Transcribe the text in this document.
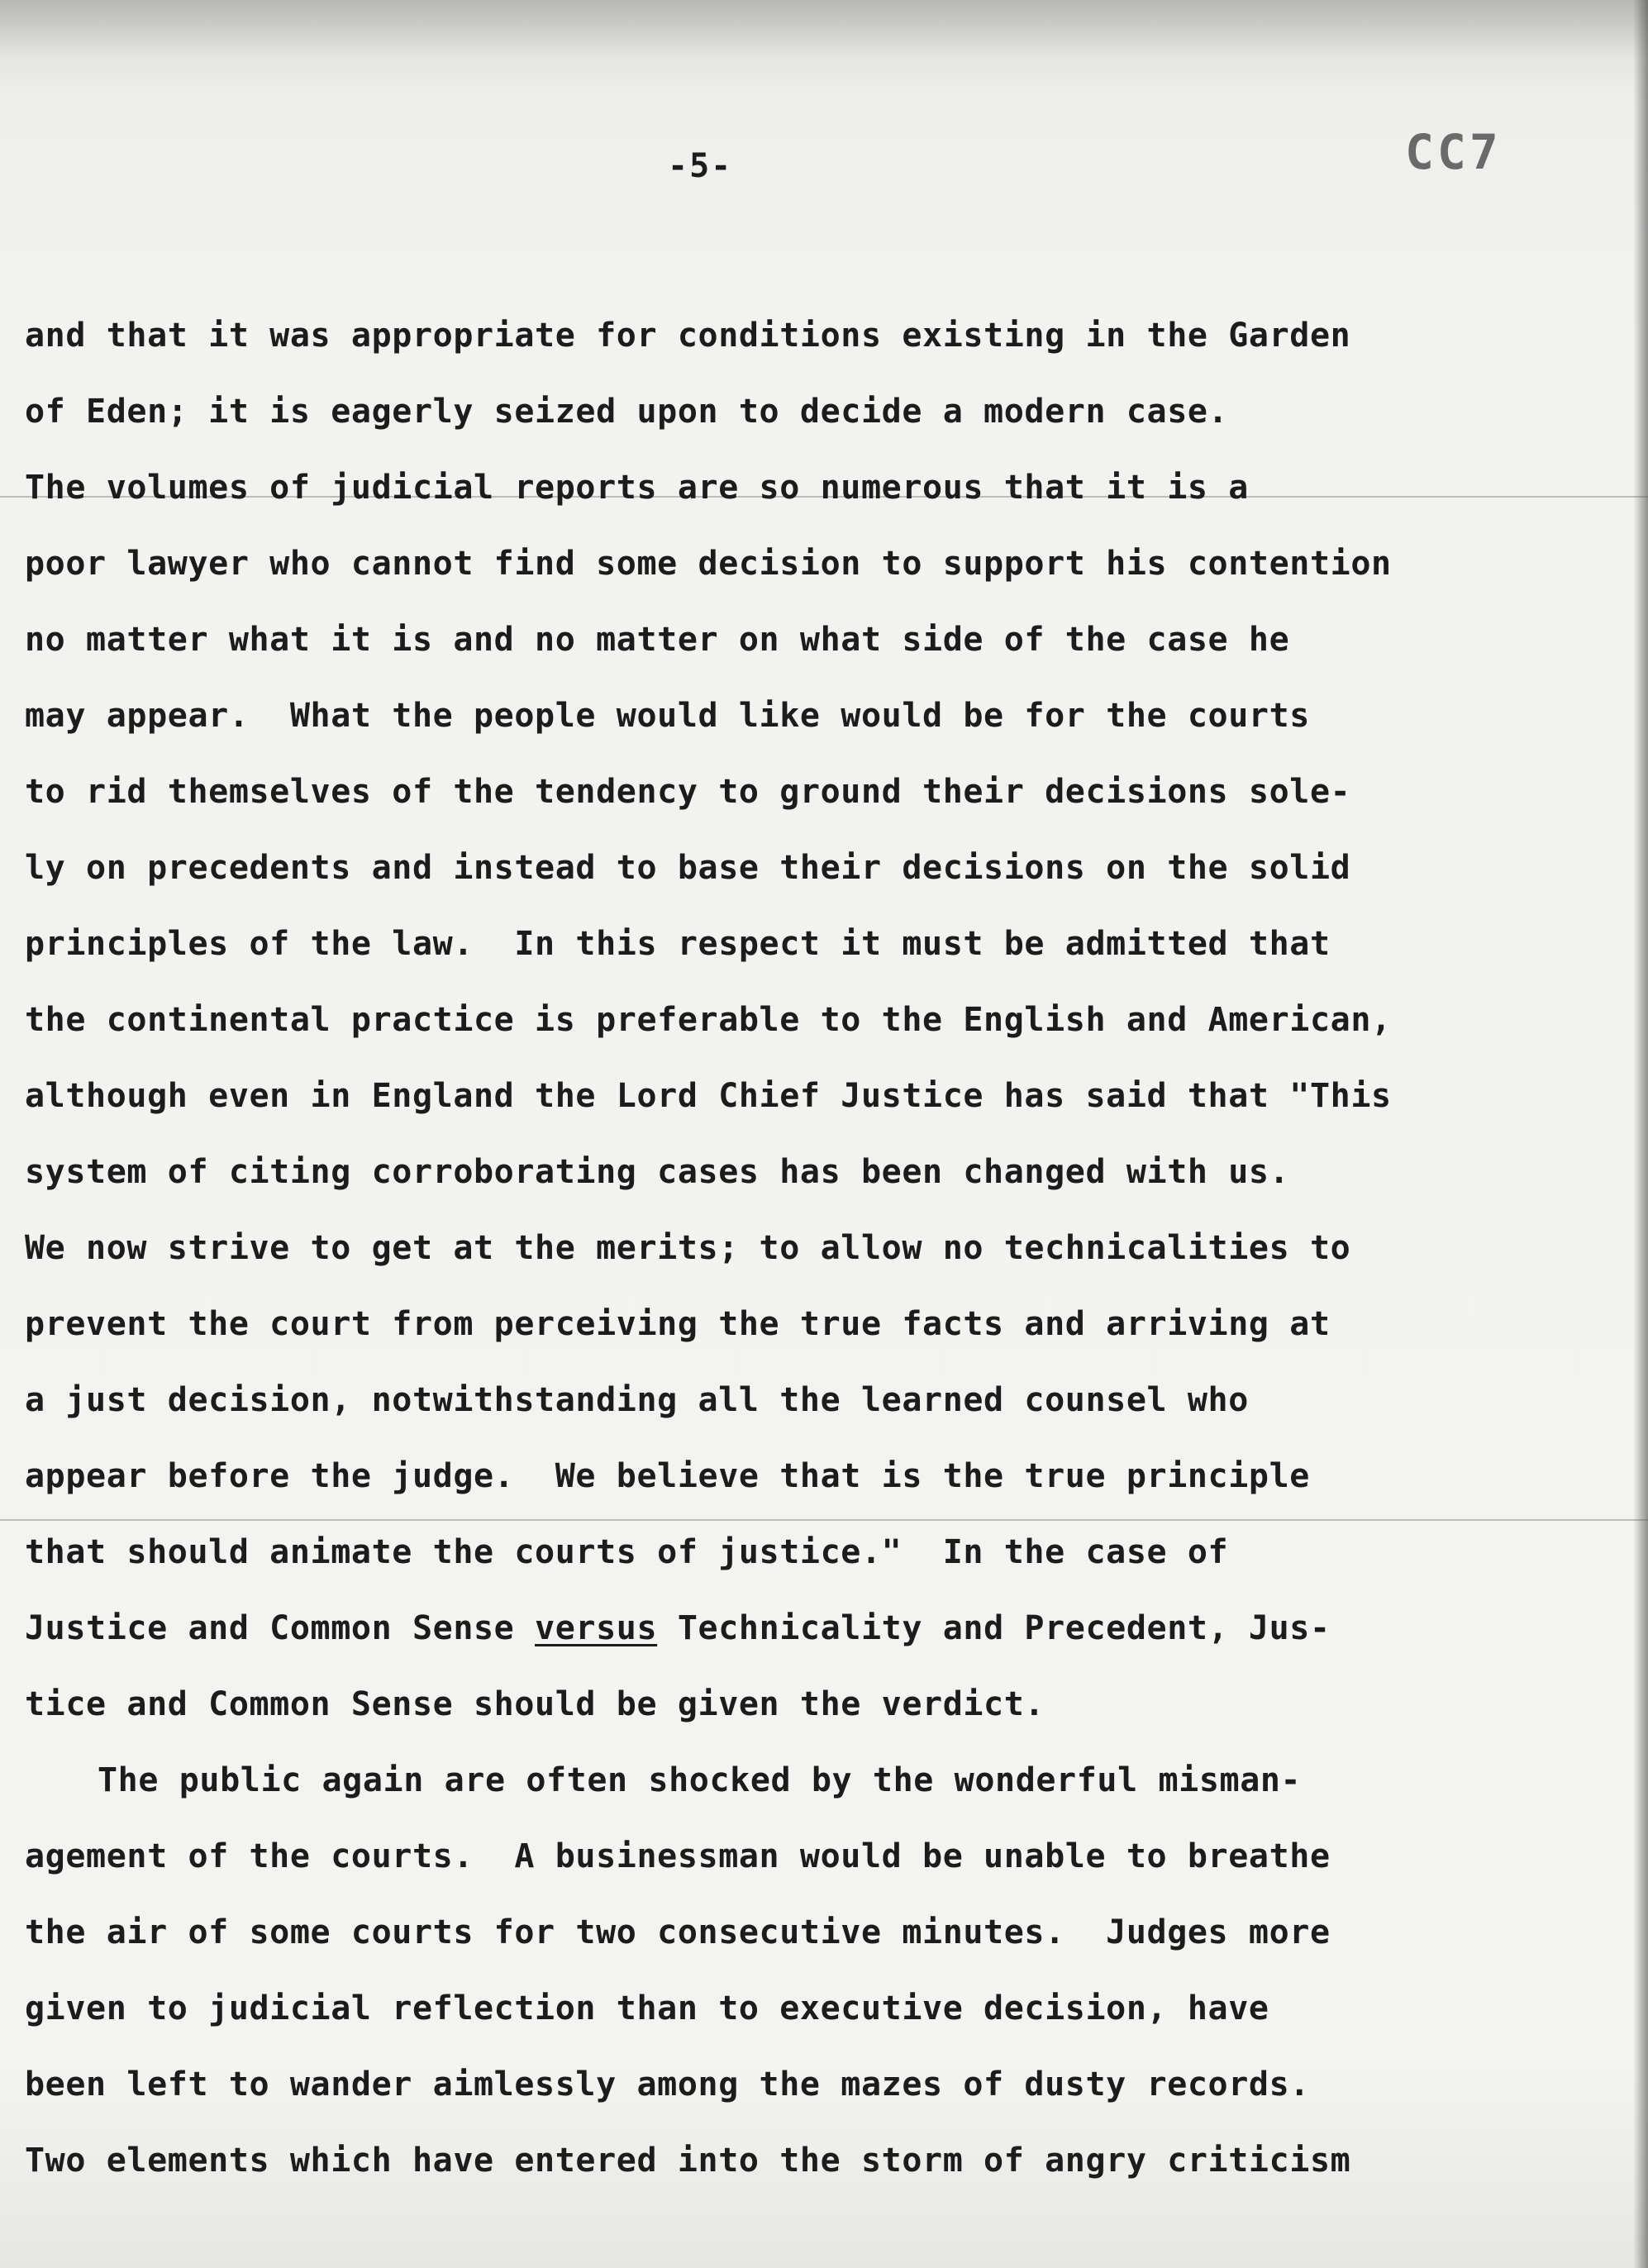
-5-	CC7
and that it was appropriate for conditions existing in the Garden
of Eden; it is eagerly seized upon to decide a modern case.
The volumes of judicial reports are so numerous that it is a
poor lawyer who cannot find some decision to support his contention
no matter what it is and no matter on what side of the case he
may appear.  What the people would like would be for the courts
to rid themselves of the tendency to ground their decisions sole-
ly on precedents and instead to base their decisions on the solid
principles of the law.  In this respect it must be admitted that
the continental practice is preferable to the English and American,
although even in England the Lord Chief Justice has said that "This
system of citing corroborating cases has been changed with us.
We now strive to get at the merits; to allow no technicalities to
prevent the court from perceiving the true facts and arriving at
a just decision, notwithstanding all the learned counsel who
appear before the judge.  We believe that is the true principle
that should animate the courts of justice."  In the case of
Justice and Common Sense versus Technicality and Precedent, Jus-
tice and Common Sense should be given the verdict.
The public again are often shocked by the wonderful misman-
agement of the courts.  A businessman would be unable to breathe
the air of some courts for two consecutive minutes.  Judges more
given to judicial reflection than to executive decision, have
been left to wander aimlessly among the mazes of dusty records.
Two elements which have entered into the storm of angry criticism
